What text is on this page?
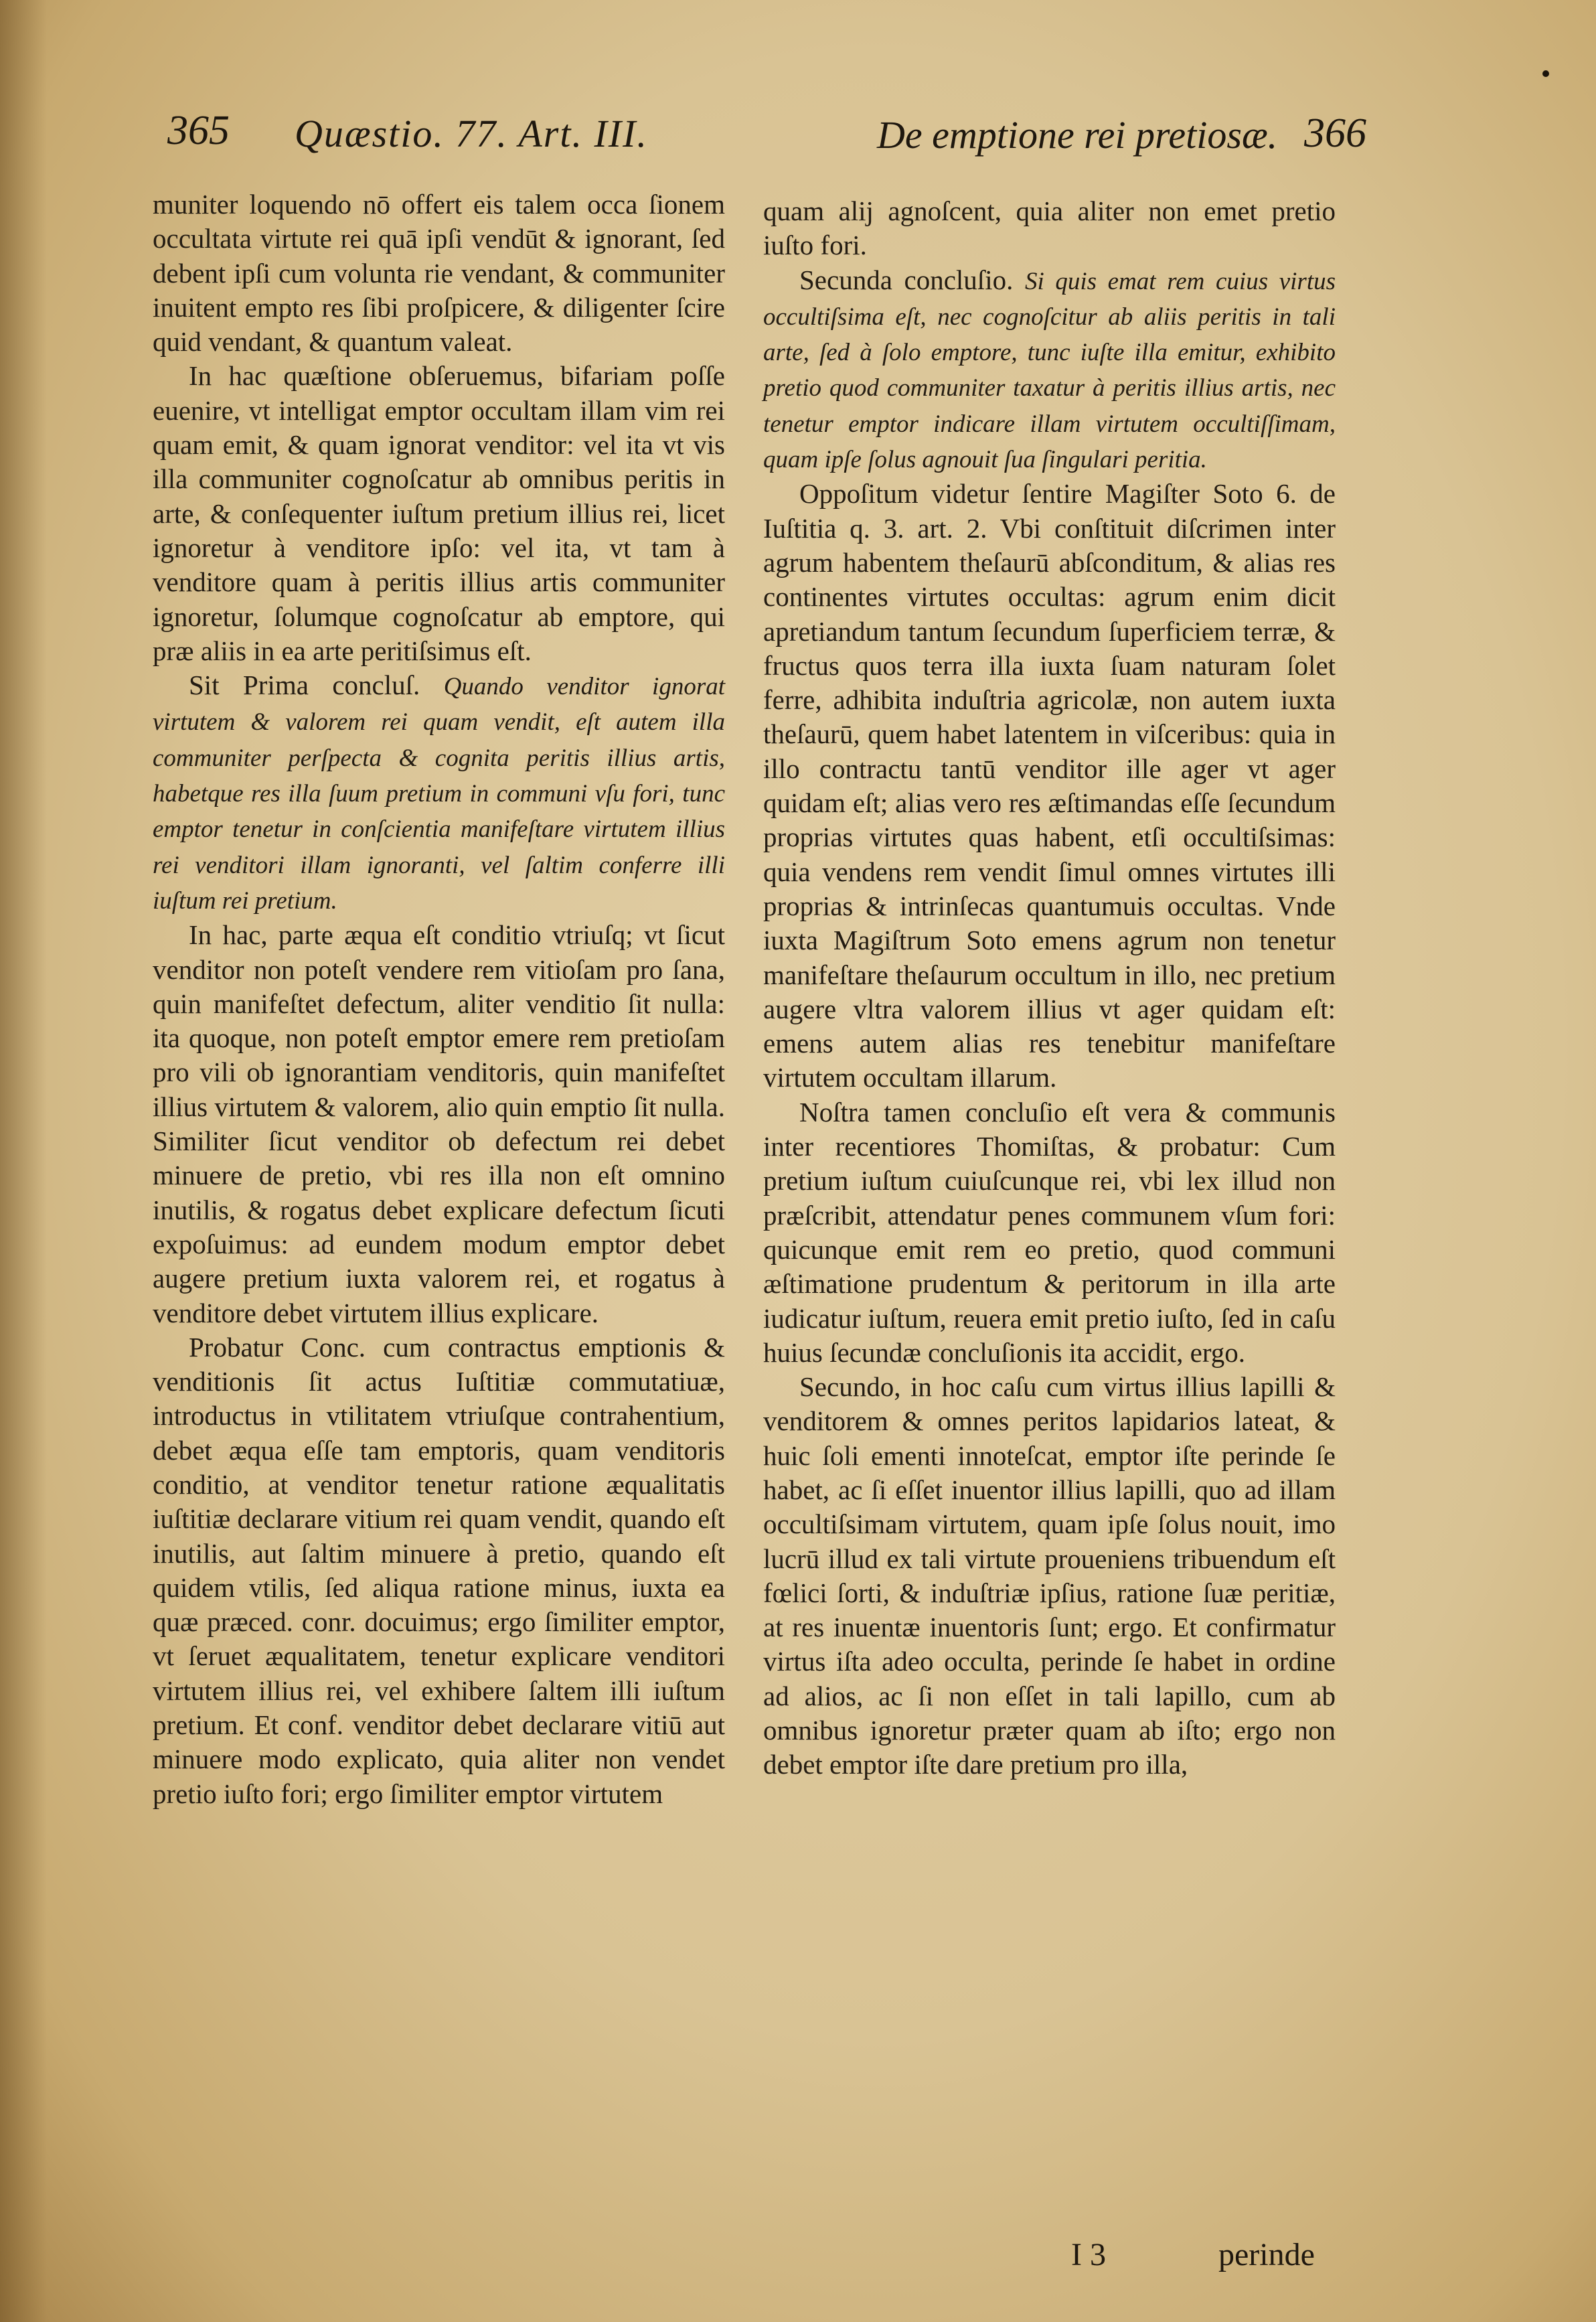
365 Quæstio. 77. Art. III.	De emptione rei pretiosæ. 366

muniter loquendo nō offert eis talem occa ſionem occultata virtute rei quā ipſi vendūt & ignorant, ſed debent ipſi cum volunta rie vendant, & communiter inuitent empto res ſibi proſpicere, & diligenter ſcire quid vendant, & quantum valeat.

In hac quæſtione obſeruemus, bifariam poſſe euenire, vt intelligat emptor occultam illam vim rei quam emit, & quam ignorat venditor: vel ita vt vis illa communiter cognoſcatur ab omnibus peritis in arte, & conſequenter iuſtum pretium illius rei, licet ignoretur à venditore ipſo: vel ita, vt tam à venditore quam à peritis illius artis communiter ignoretur, ſolumque cognoſcatur ab emptore, qui præ aliis in ea arte peritiſsimus eſt.

Sit Prima concluſ. Quando venditor ignorat virtutem & valorem rei quam vendit, eſt autem illa communiter perſpecta & cognita peritis illius artis, habetque res illa ſuum pretium in communi vſu fori, tunc emptor tenetur in conſcientia manifeſtare virtutem illius rei venditori illam ignoranti, vel ſaltim conferre illi iuſtum rei pretium.

In hac, parte æqua eſt conditio vtriuſq; vt ſicut venditor non poteſt vendere rem vitioſam pro ſana, quin manifeſtet defectum, aliter venditio ſit nulla: ita quoque, non poteſt emptor emere rem pretioſam pro vili ob ignorantiam venditoris, quin manifeſtet illius virtutem & valorem, alio quin emptio ſit nulla. Similiter ſicut venditor ob defectum rei debet minuere de pretio, vbi res illa non eſt omnino inutilis, & rogatus debet explicare defectum ſicuti expoſuimus: ad eundem modum emptor debet augere pretium iuxta valorem rei, et rogatus à venditore debet virtutem illius explicare.

Probatur Conc. cum contractus emptionis & venditionis ſit actus Iuſtitiæ commutatiuæ, introductus in vtilitatem vtriuſque contrahentium, debet æqua eſſe tam emptoris, quam venditoris conditio, at venditor tenetur ratione æqualitatis iuſtitiæ declarare vitium rei quam vendit, quando eſt inutilis, aut ſaltim minuere à pretio, quando eſt quidem vtilis, ſed aliqua ratione minus, iuxta ea quæ præced. conr. docuimus; ergo ſimiliter emptor, vt ſeruet æqualitatem, tenetur explicare venditori virtutem illius rei, vel exhibere ſaltem illi iuſtum pretium. Et conf. venditor debet declarare vitiū aut minuere modo explicato, quia aliter non vendet pretio iuſto fori; ergo ſimiliter emptor virtutem

quam alij agnoſcent, quia aliter non emet pretio iuſto fori.

Secunda concluſio. Si quis emat rem cuius virtus occultiſsima eſt, nec cognoſcitur ab aliis peritis in tali arte, ſed à ſolo emptore, tunc iuſte illa emitur, exhibito pretio quod communiter taxatur à peritis illius artis, nec tenetur emptor indicare illam virtutem occultiſſimam, quam ipſe ſolus agnouit ſua ſingulari peritia.

Oppoſitum videtur ſentire Magiſter Soto 6. de Iuſtitia q. 3. art. 2. Vbi conſtituit diſcrimen inter agrum habentem theſaurū abſconditum, & alias res continentes virtutes occultas: agrum enim dicit apretiandum tantum ſecundum ſuperficiem terræ, & fructus quos terra illa iuxta ſuam naturam ſolet ferre, adhibita induſtria agricolæ, non autem iuxta theſaurū, quem habet latentem in viſceribus: quia in illo contractu tantū venditor ille ager vt ager quidam eſt; alias vero res æſtimandas eſſe ſecundum proprias virtutes quas habent, etſi occultiſsimas: quia vendens rem vendit ſimul omnes virtutes illi proprias & intrinſecas quantumuis occultas. Vnde iuxta Magiſtrum Soto emens agrum non tenetur manifeſtare theſaurum occultum in illo, nec pretium augere vltra valorem illius vt ager quidam eſt: emens autem alias res tenebitur manifeſtare virtutem occultam illarum.

Noſtra tamen concluſio eſt vera & communis inter recentiores Thomiſtas, & probatur: Cum pretium iuſtum cuiuſcunque rei, vbi lex illud non præſcribit, attendatur penes communem vſum fori: quicunque emit rem eo pretio, quod communi æſtimatione prudentum & peritorum in illa arte iudicatur iuſtum, reuera emit pretio iuſto, ſed in caſu huius ſecundæ concluſionis ita accidit, ergo.

Secundo, in hoc caſu cum virtus illius lapilli & venditorem & omnes peritos lapidarios lateat, & huic ſoli ementi innoteſcat, emptor iſte perinde ſe habet, ac ſi eſſet inuentor illius lapilli, quo ad illam occultiſsimam virtutem, quam ipſe ſolus nouit, imo lucrū illud ex tali virtute proueniens tribuendum eſt fœlici ſorti, & induſtriæ ipſius, ratione ſuæ peritiæ, at res inuentæ inuentoris ſunt; ergo. Et confirmatur virtus iſta adeo occulta, perinde ſe habet in ordine ad alios, ac ſi non eſſet in tali lapillo, cum ab omnibus ignoretur præter quam ab iſto; ergo non debet emptor iſte dare pretium pro illa,

I 3	perinde
